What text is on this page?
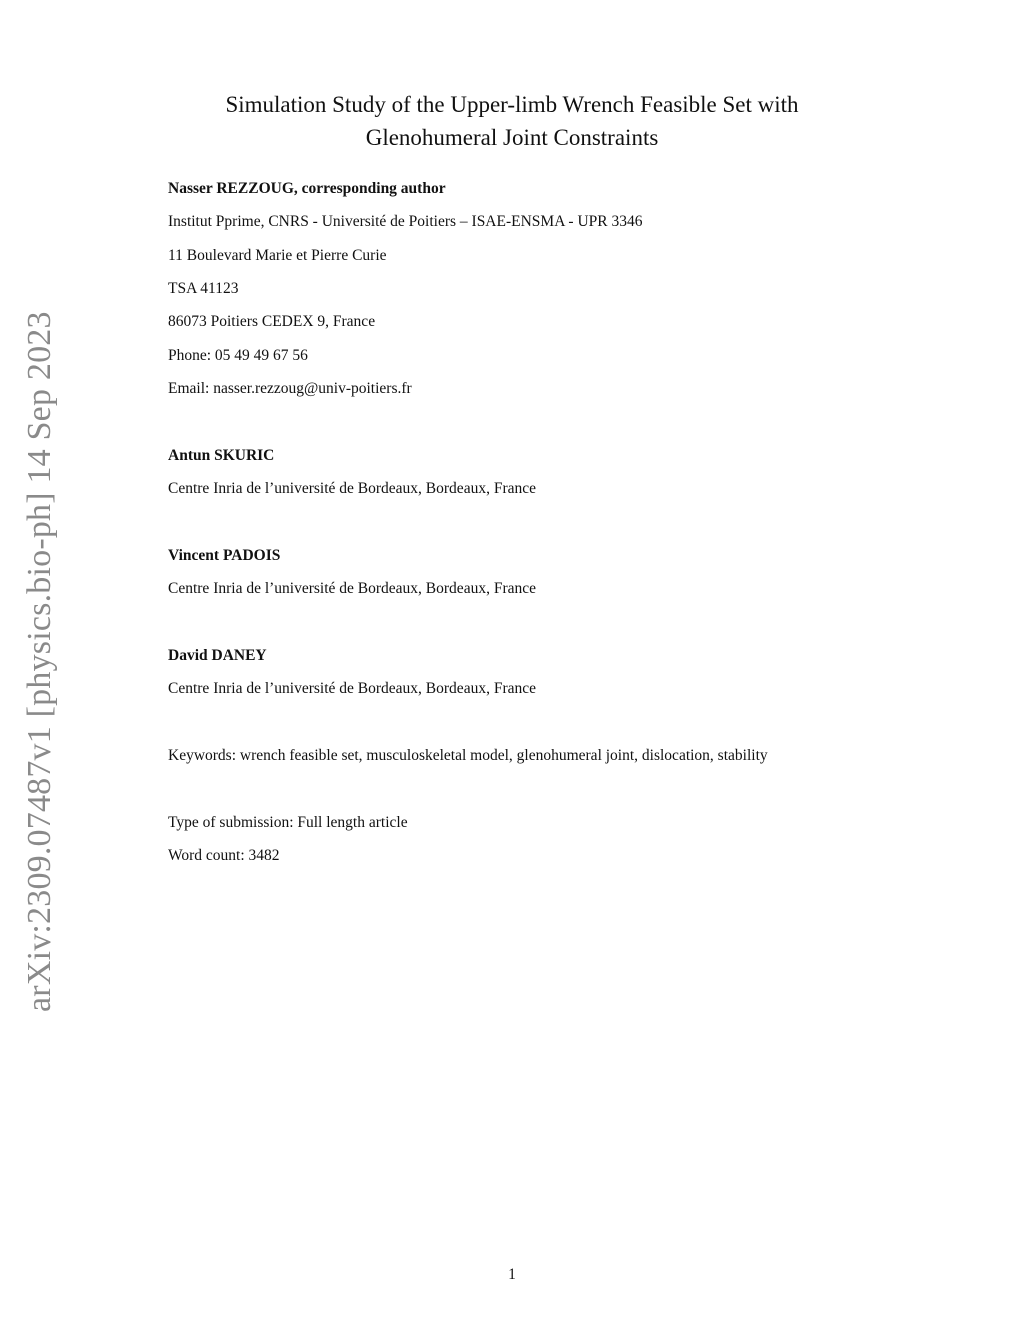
arXiv:2309.07487v1 [physics.bio-ph] 14 Sep 2023
Simulation Study of the Upper-limb Wrench Feasible Set with
Glenohumeral Joint Constraints
Nasser REZZOUG, corresponding author
Institut Pprime, CNRS - Université de Poitiers – ISAE-ENSMA - UPR 3346
11 Boulevard Marie et Pierre Curie
TSA 41123
86073 Poitiers CEDEX 9, France
Phone: 05 49 49 67 56
Email: nasser.rezzoug@univ-poitiers.fr
Antun SKURIC
Centre Inria de l’université de Bordeaux, Bordeaux, France
Vincent PADOIS
Centre Inria de l’université de Bordeaux, Bordeaux, France
David DANEY
Centre Inria de l’université de Bordeaux, Bordeaux, France
Keywords: wrench feasible set, musculoskeletal model, glenohumeral joint, dislocation, stability
Type of submission: Full length article
Word count: 3482
1
